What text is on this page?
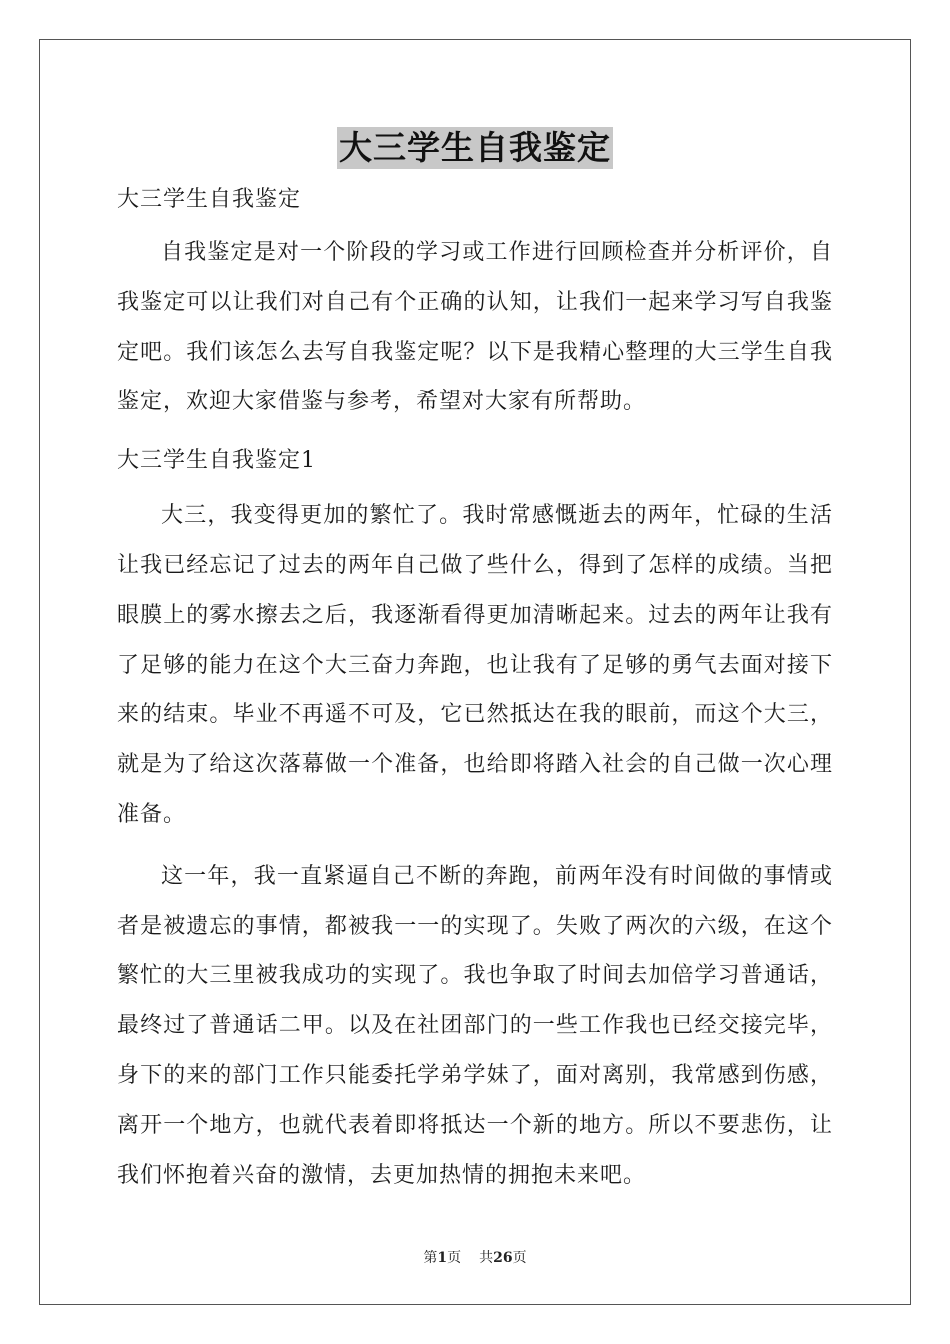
大三学生自我鉴定

大三学生自我鉴定

自我鉴定是对一个阶段的学习或工作进行回顾检查并分析评价，自我鉴定可以让我们对自己有个正确的认知，让我们一起来学习写自我鉴定吧。我们该怎么去写自我鉴定呢？以下是我精心整理的大三学生自我鉴定，欢迎大家借鉴与参考，希望对大家有所帮助。

大三学生自我鉴定1

大三，我变得更加的繁忙了。我时常感慨逝去的两年，忙碌的生活让我已经忘记了过去的两年自己做了些什么，得到了怎样的成绩。当把眼膜上的雾水擦去之后，我逐渐看得更加清晰起来。过去的两年让我有了足够的能力在这个大三奋力奔跑，也让我有了足够的勇气去面对接下来的结束。毕业不再遥不可及，它已然抵达在我的眼前，而这个大三，就是为了给这次落幕做一个准备，也给即将踏入社会的自己做一次心理准备。

这一年，我一直紧逼自己不断的奔跑，前两年没有时间做的事情或者是被遗忘的事情，都被我一一的实现了。失败了两次的六级，在这个繁忙的大三里被我成功的实现了。我也争取了时间去加倍学习普通话，最终过了普通话二甲。以及在社团部门的一些工作我也已经交接完毕，身下的来的部门工作只能委托学弟学妹了，面对离别，我常感到伤感，离开一个地方，也就代表着即将抵达一个新的地方。所以不要悲伤，让我们怀抱着兴奋的激情，去更加热情的拥抱未来吧。

第1页 共26页
